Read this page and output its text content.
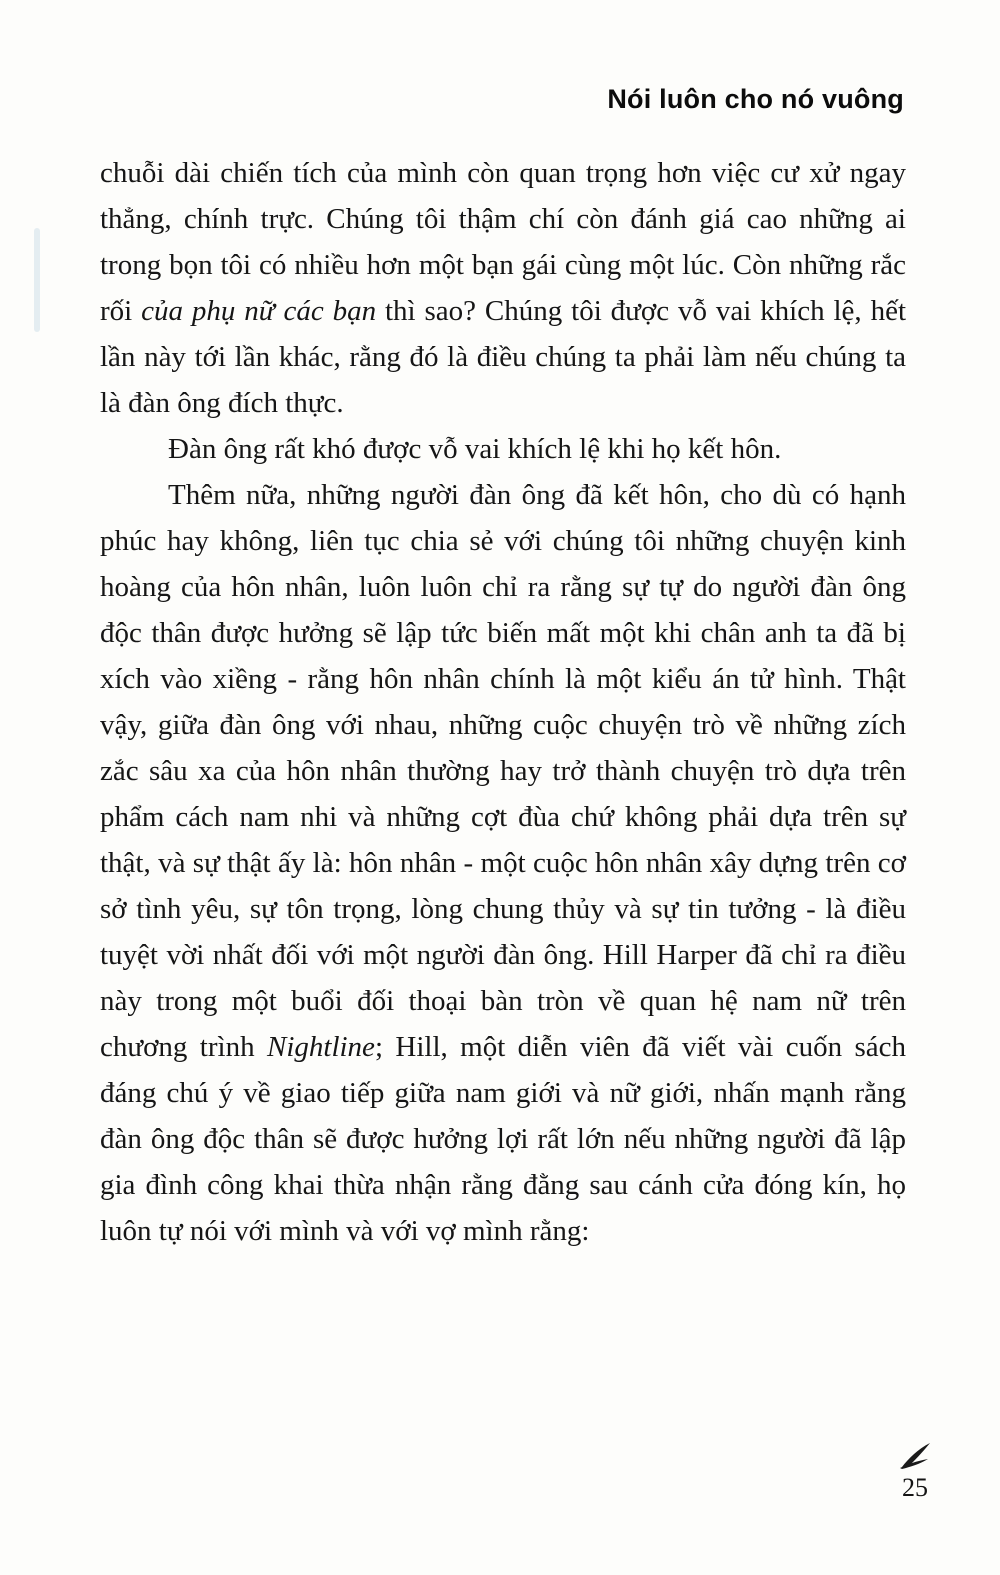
Nói luôn cho nó vuông

chuỗi dài chiến tích của mình còn quan trọng hơn việc cư xử ngay thẳng, chính trực. Chúng tôi thậm chí còn đánh giá cao những ai trong bọn tôi có nhiều hơn một bạn gái cùng một lúc. Còn những rắc rối của phụ nữ các bạn thì sao? Chúng tôi được vỗ vai khích lệ, hết lần này tới lần khác, rằng đó là điều chúng ta phải làm nếu chúng ta là đàn ông đích thực.

Đàn ông rất khó được vỗ vai khích lệ khi họ kết hôn.

Thêm nữa, những người đàn ông đã kết hôn, cho dù có hạnh phúc hay không, liên tục chia sẻ với chúng tôi những chuyện kinh hoàng của hôn nhân, luôn luôn chỉ ra rằng sự tự do người đàn ông độc thân được hưởng sẽ lập tức biến mất một khi chân anh ta đã bị xích vào xiềng - rằng hôn nhân chính là một kiểu án tử hình. Thật vậy, giữa đàn ông với nhau, những cuộc chuyện trò về những zích zắc sâu xa của hôn nhân thường hay trở thành chuyện trò dựa trên phẩm cách nam nhi và những cợt đùa chứ không phải dựa trên sự thật, và sự thật ấy là: hôn nhân - một cuộc hôn nhân xây dựng trên cơ sở tình yêu, sự tôn trọng, lòng chung thủy và sự tin tưởng - là điều tuyệt vời nhất đối với một người đàn ông. Hill Harper đã chỉ ra điều này trong một buổi đối thoại bàn tròn về quan hệ nam nữ trên chương trình Nightline; Hill, một diễn viên đã viết vài cuốn sách đáng chú ý về giao tiếp giữa nam giới và nữ giới, nhấn mạnh rằng đàn ông độc thân sẽ được hưởng lợi rất lớn nếu những người đã lập gia đình công khai thừa nhận rằng đằng sau cánh cửa đóng kín, họ luôn tự nói với mình và với vợ mình rằng:

25
